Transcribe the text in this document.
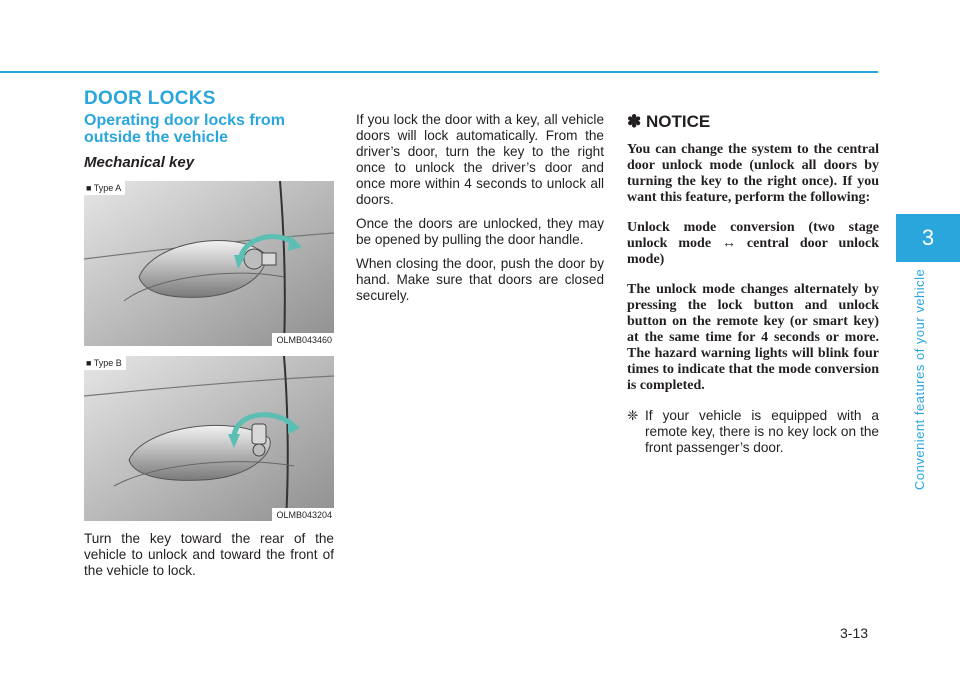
DOOR LOCKS
3
Convenient features of your vehicle
Operating door locks from outside the vehicle
Mechanical key
■ Type A
OLMB043460
■ Type B
OLMB043204

Turn the key toward the rear of the vehicle to unlock and toward the front of the vehicle to lock.

If you lock the door with a key, all vehicle doors will lock automatically. From the driver’s door, turn the key to the right once to unlock the driver’s door and once more within 4 seconds to unlock all doors.

Once the doors are unlocked, they may be opened by pulling the door handle.

When closing the door, push the door by hand. Make sure that doors are closed securely.

✽ NOTICE

You can change the system to the central door unlock mode (unlock all doors by turning the key to the right once). If you want this feature, perform the following:

Unlock mode conversion (two stage unlock mode ↔ central door unlock mode)

The unlock mode changes alternately by pressing the lock button and unlock button on the remote key (or smart key) at the same time for 4 seconds or more. The hazard warning lights will blink four times to indicate that the mode conversion is completed.

❈ If your vehicle is equipped with a remote key, there is no key lock on the front passenger’s door.
3-13
